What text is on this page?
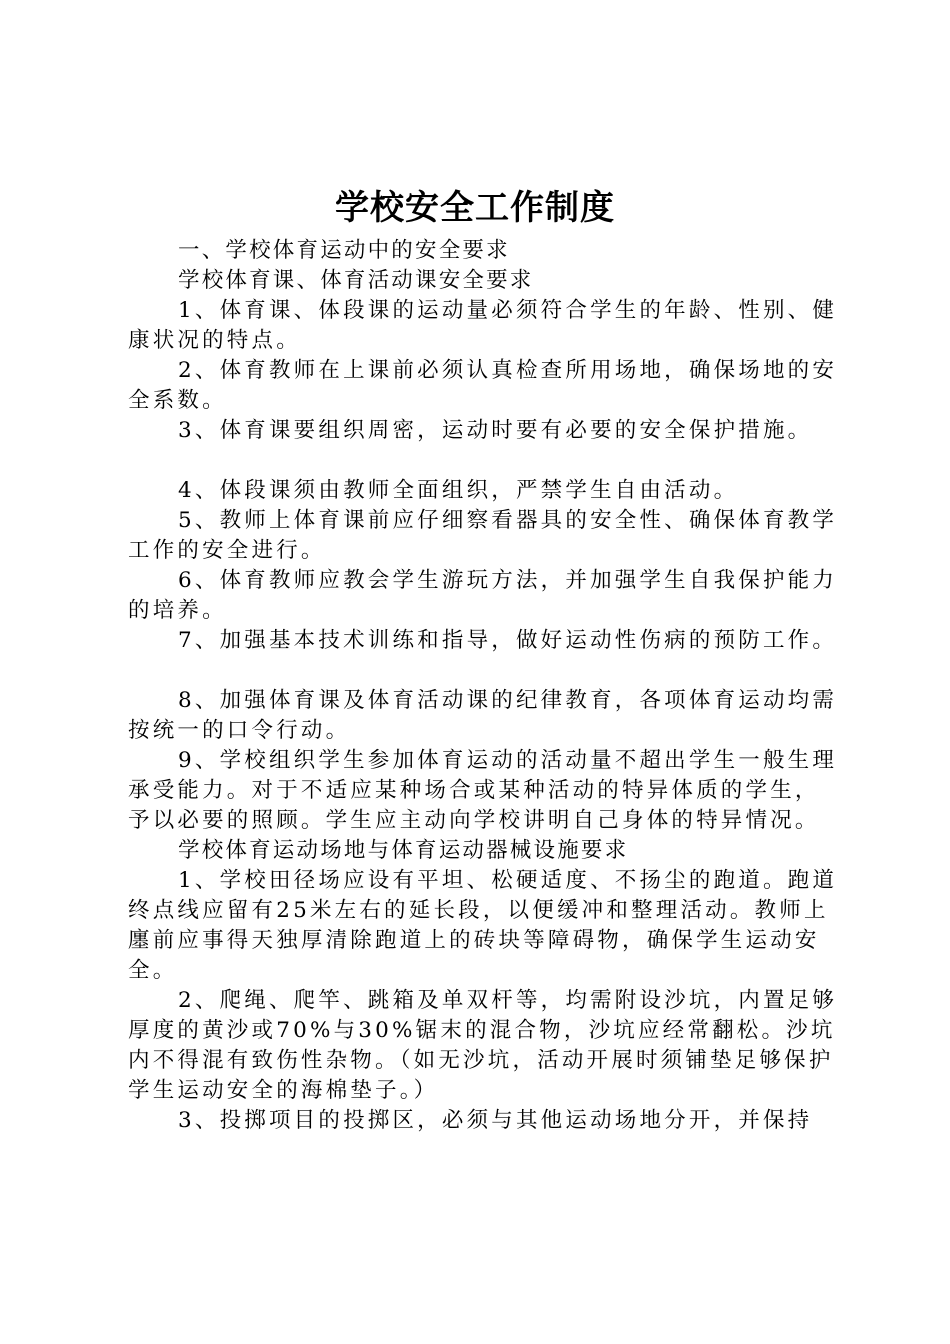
学校安全工作制度

一、学校体育运动中的安全要求

学校体育课、体育活动课安全要求

1、体育课、体段课的运动量必须符合学生的年龄、性别、健康状况的特点。

2、体育教师在上课前必须认真检查所用场地，确保场地的安全系数。

3、体育课要组织周密，运动时要有必要的安全保护措施。

4、体段课须由教师全面组织，严禁学生自由活动。

5、教师上体育课前应仔细察看器具的安全性、确保体育教学工作的安全进行。

6、体育教师应教会学生游玩方法，并加强学生自我保护能力的培养。

7、加强基本技术训练和指导，做好运动性伤病的预防工作。

8、加强体育课及体育活动课的纪律教育，各项体育运动均需按统一的口令行动。

9、学校组织学生参加体育运动的活动量不超出学生一般生理承受能力。对于不适应某种场合或某种活动的特异体质的学生，予以必要的照顾。学生应主动向学校讲明自己身体的特异情况。

学校体育运动场地与体育运动器械设施要求

1、学校田径场应设有平坦、松硬适度、不扬尘的跑道。跑道终点线应留有25米左右的延长段，以便缓冲和整理活动。教师上廛前应事得天独厚清除跑道上的砖块等障碍物，确保学生运动安全。

2、爬绳、爬竿、跳箱及单双杆等，均需附设沙坑，内置足够厚度的黄沙或70%与30%锯末的混合物，沙坑应经常翻松。沙坑内不得混有致伤性杂物。（如无沙坑，活动开展时须铺垫足够保护学生运动安全的海棉垫子。）

3、投掷项目的投掷区，必须与其他运动场地分开，并保持
